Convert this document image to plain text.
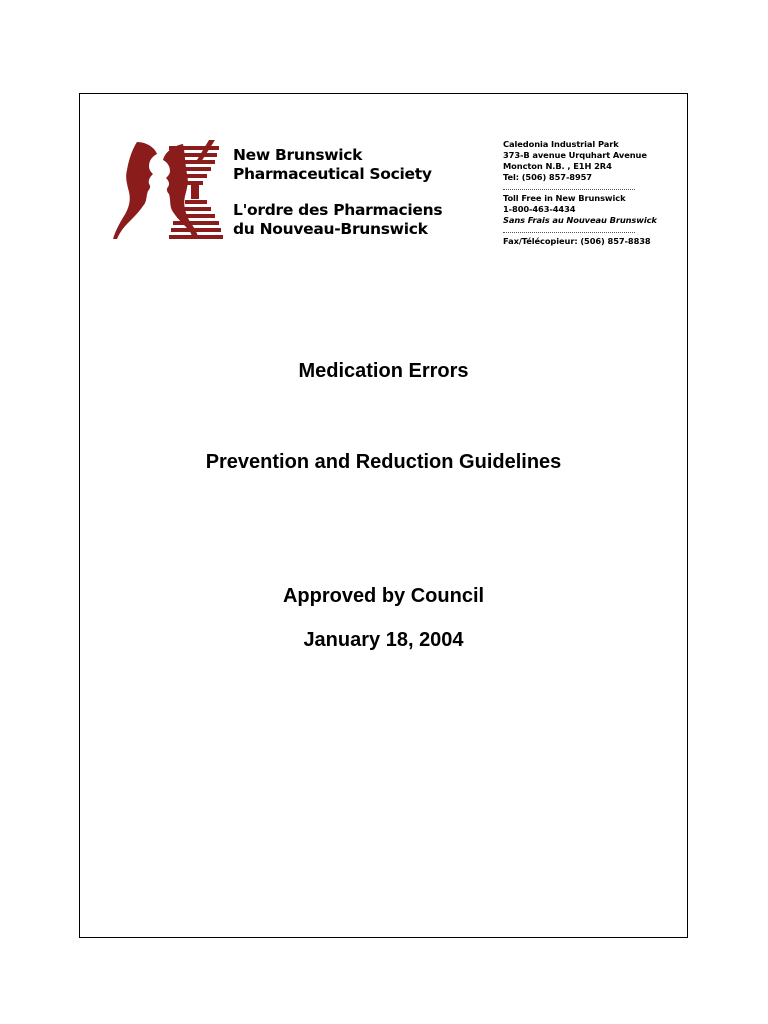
New Brunswick
Pharmaceutical Society
L'ordre des Pharmaciens
du Nouveau-Brunswick
Caledonia Industrial Park
373-B avenue Urquhart Avenue
Moncton N.B. , E1H 2R4
Tel: (506) 857-8957
Toll Free in New Brunswick
1-800-463-4434
Sans Frais au Nouveau Brunswick
Fax/Télécopieur: (506) 857-8838
Medication Errors
Prevention and Reduction Guidelines
Approved by Council
January 18, 2004
